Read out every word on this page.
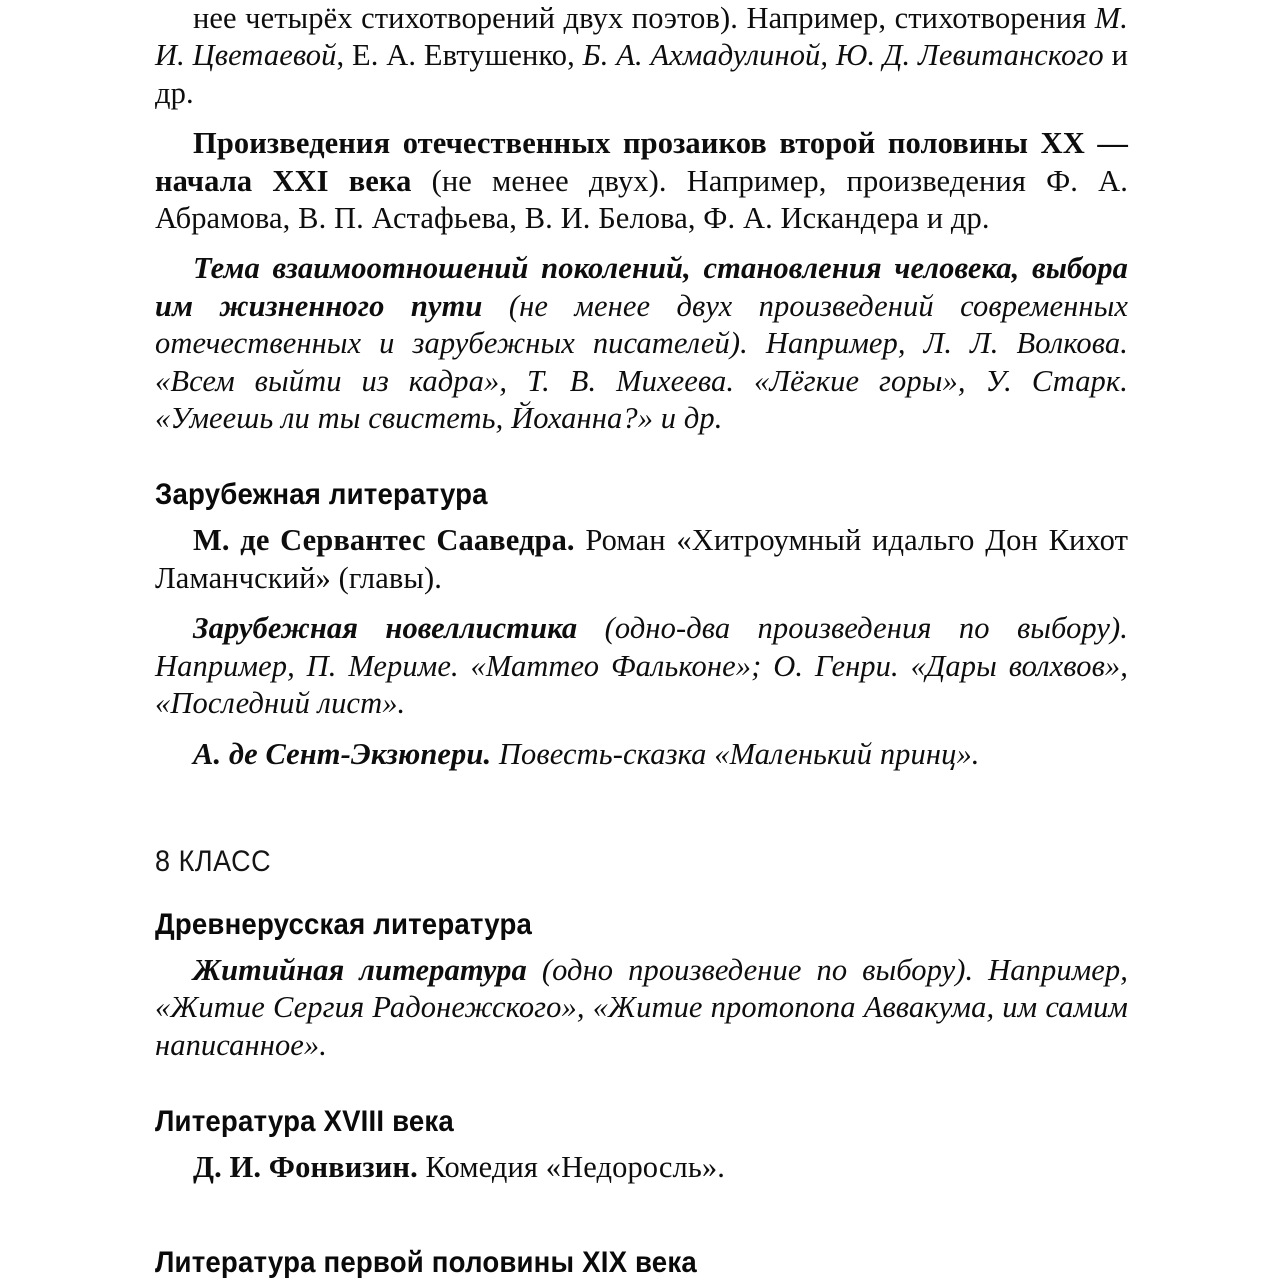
нее четырёх стихотворений двух поэтов). Например, стихотворения М. И. Цветаевой, Е. А. Евтушенко, Б. А. Ахмадулиной, Ю. Д. Левитанского и др.

Произведения отечественных прозаиков второй половины XX — начала XXI века (не менее двух). Например, произведения Ф. А. Абрамова, В. П. Астафьева, В. И. Белова, Ф. А. Искандера и др.

Тема взаимоотношений поколений, становления человека, выбора им жизненного пути (не менее двух произведений современных отечественных и зарубежных писателей). Например, Л. Л. Волкова. «Всем выйти из кадра», Т. В. Михеева. «Лёгкие горы», У. Старк. «Умеешь ли ты свистеть, Йоханна?» и др.

Зарубежная литература

М. де Сервантес Сааведра. Роман «Хитроумный идальго Дон Кихот Ламанчский» (главы).

Зарубежная новеллистика (одно-два произведения по выбору). Например, П. Мериме. «Маттео Фальконе»; О. Генри. «Дары волхвов», «Последний лист».

А. де Сент-Экзюпери. Повесть-сказка «Маленький принц».

8 КЛАСС
Древнерусская литература

Житийная литература (одно произведение по выбору). Например, «Житие Сергия Радонежского», «Житие протопопа Аввакума, им самим написанное».

Литература XVIII века

Д. И. Фонвизин. Комедия «Недоросль».

Литература первой половины XIX века
